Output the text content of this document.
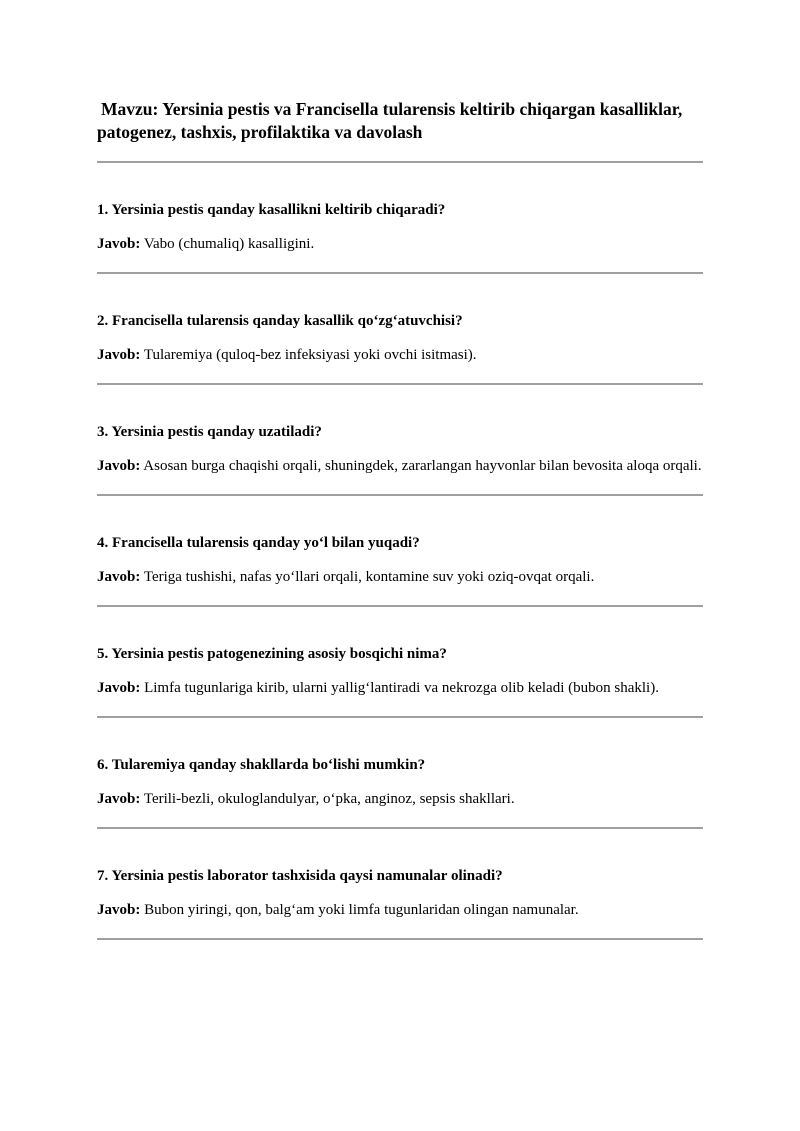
Mavzu: Yersinia pestis va Francisella tularensis keltirib chiqargan kasalliklar, patogenez, tashxis, profilaktika va davolash

1. Yersinia pestis qanday kasallikni keltirib chiqaradi?

Javob: Vabo (chumaliq) kasalligini.

2. Francisella tularensis qanday kasallik qo‘zg‘atuvchisi?

Javob: Tularemiya (quloq-bez infeksiyasi yoki ovchi isitmasi).

3. Yersinia pestis qanday uzatiladi?

Javob: Asosan burga chaqishi orqali, shuningdek, zararlangan hayvonlar bilan bevosita aloqa orqali.

4. Francisella tularensis qanday yo‘l bilan yuqadi?

Javob: Teriga tushishi, nafas yo‘llari orqali, kontamine suv yoki oziq-ovqat orqali.

5. Yersinia pestis patogenezining asosiy bosqichi nima?

Javob: Limfa tugunlariga kirib, ularni yallig‘lantiradi va nekrozga olib keladi (bubon shakli).

6. Tularemiya qanday shakllarda bo‘lishi mumkin?

Javob: Terili-bezli, okuloglandulyar, o‘pka, anginoz, sepsis shakllari.

7. Yersinia pestis laborator tashxisida qaysi namunalar olinadi?

Javob: Bubon yiringi, qon, balg‘am yoki limfa tugunlaridan olingan namunalar.
